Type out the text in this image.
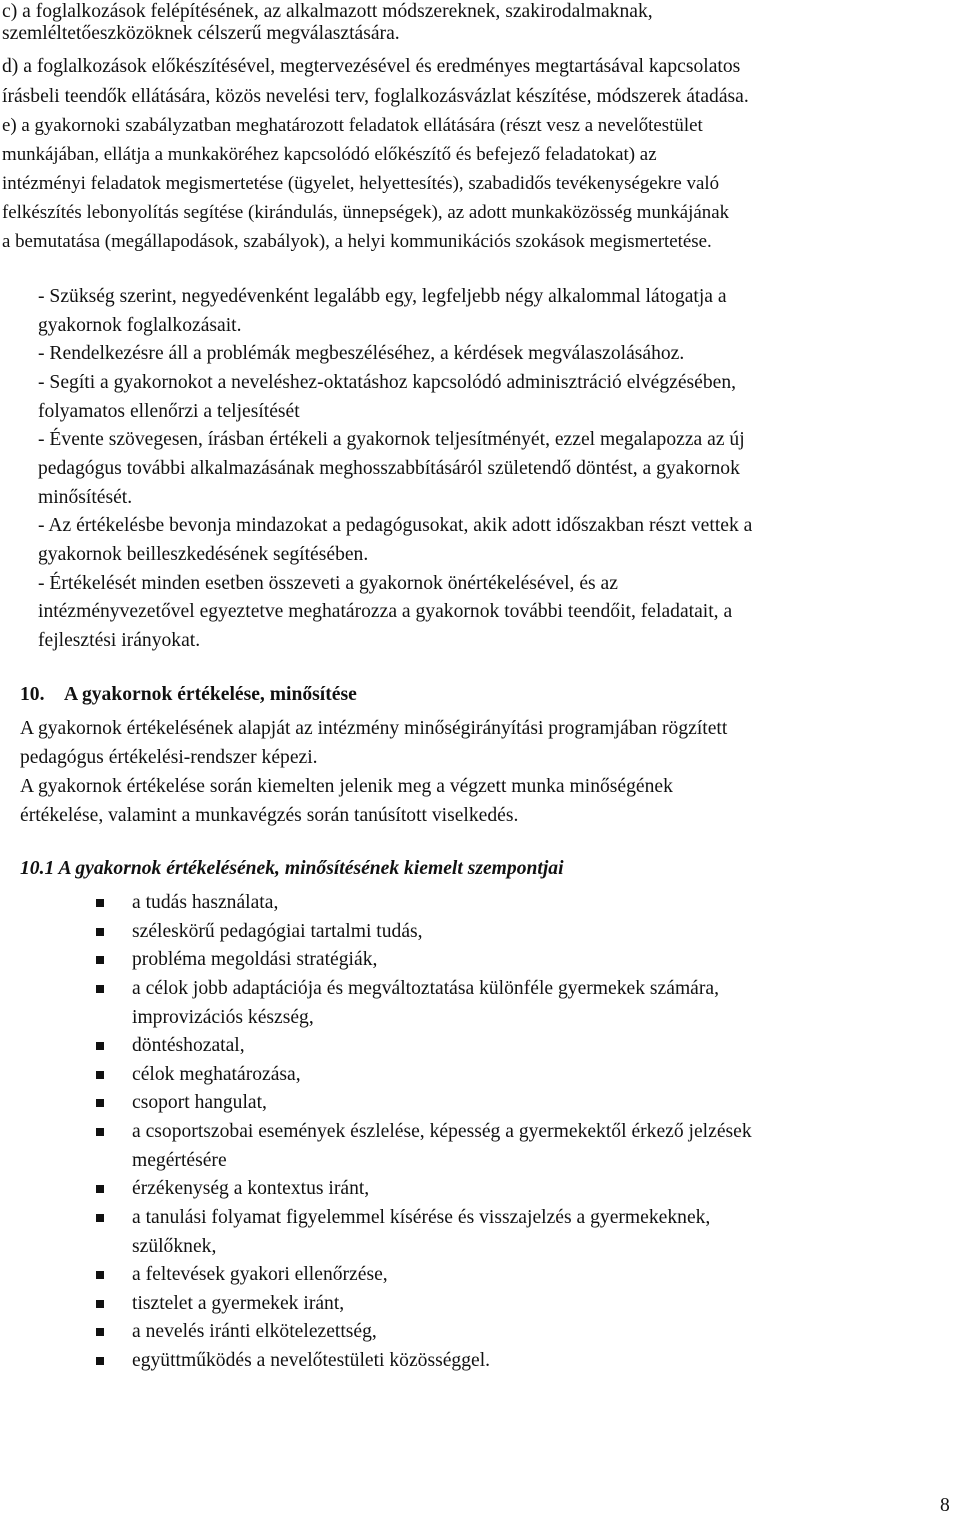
c) a foglalkozások felépítésének, az alkalmazott módszereknek, szakirodalmaknak,

szemléltetőeszközöknek célszerű megválasztására.

d) a foglalkozások előkészítésével, megtervezésével és eredményes megtartásával kapcsolatos

írásbeli teendők ellátására, közös nevelési terv, foglalkozásvázlat készítése, módszerek átadása.

e) a gyakornoki szabályzatban meghatározott feladatok ellátására (részt vesz a nevelőtestület

munkájában, ellátja a munkaköréhez kapcsolódó előkészítő és befejező feladatokat) az

intézményi feladatok megismertetése (ügyelet, helyettesítés), szabadidős tevékenységekre való

felkészítés lebonyolítás segítése (kirándulás, ünnepségek), az adott munkaközösség munkájának

a bemutatása (megállapodások, szabályok), a helyi kommunikációs szokások megismertetése.

- Szükség szerint, negyedévenként legalább egy, legfeljebb négy alkalommal látogatja a

gyakornok foglalkozásait.

- Rendelkezésre áll a problémák megbeszéléséhez, a kérdések megválaszolásához.

- Segíti a gyakornokot a neveléshez-oktatáshoz kapcsolódó adminisztráció elvégzésében,

folyamatos ellenőrzi a teljesítését

- Évente szövegesen, írásban értékeli a gyakornok teljesítményét, ezzel megalapozza az új

pedagógus további alkalmazásának meghosszabbításáról születendő döntést, a gyakornok

minősítését.

- Az értékelésbe bevonja mindazokat a pedagógusokat, akik adott időszakban részt vettek a

gyakornok beilleszkedésének segítésében.

- Értékelését minden esetben összeveti a gyakornok önértékelésével, és az

intézményvezetővel egyeztetve meghatározza a gyakornok további teendőit, feladatait, a

fejlesztési irányokat.

10. A gyakornok értékelése, minősítése

A gyakornok értékelésének alapját az intézmény minőségirányítási programjában rögzített

pedagógus értékelési-rendszer képezi.

A gyakornok értékelése során kiemelten jelenik meg a végzett munka minőségének

értékelése, valamint a munkavégzés során tanúsított viselkedés.

10.1 A gyakornok értékelésének, minősítésének kiemelt szempontjai

a tudás használata,

széleskörű pedagógiai tartalmi tudás,

probléma megoldási stratégiák,

a célok jobb adaptációja és megváltoztatása különféle gyermekek számára,

improvizációs készség,

döntéshozatal,

célok meghatározása,

csoport hangulat,

a csoportszobai események észlelése, képesség a gyermekektől érkező jelzések

megértésére

érzékenység a kontextus iránt,

a tanulási folyamat figyelemmel kísérése és visszajelzés a gyermekeknek,

szülőknek,

a feltevések gyakori ellenőrzése,

tisztelet a gyermekek iránt,

a nevelés iránti elkötelezettség,

együttműködés a nevelőtestületi közösséggel.

8
